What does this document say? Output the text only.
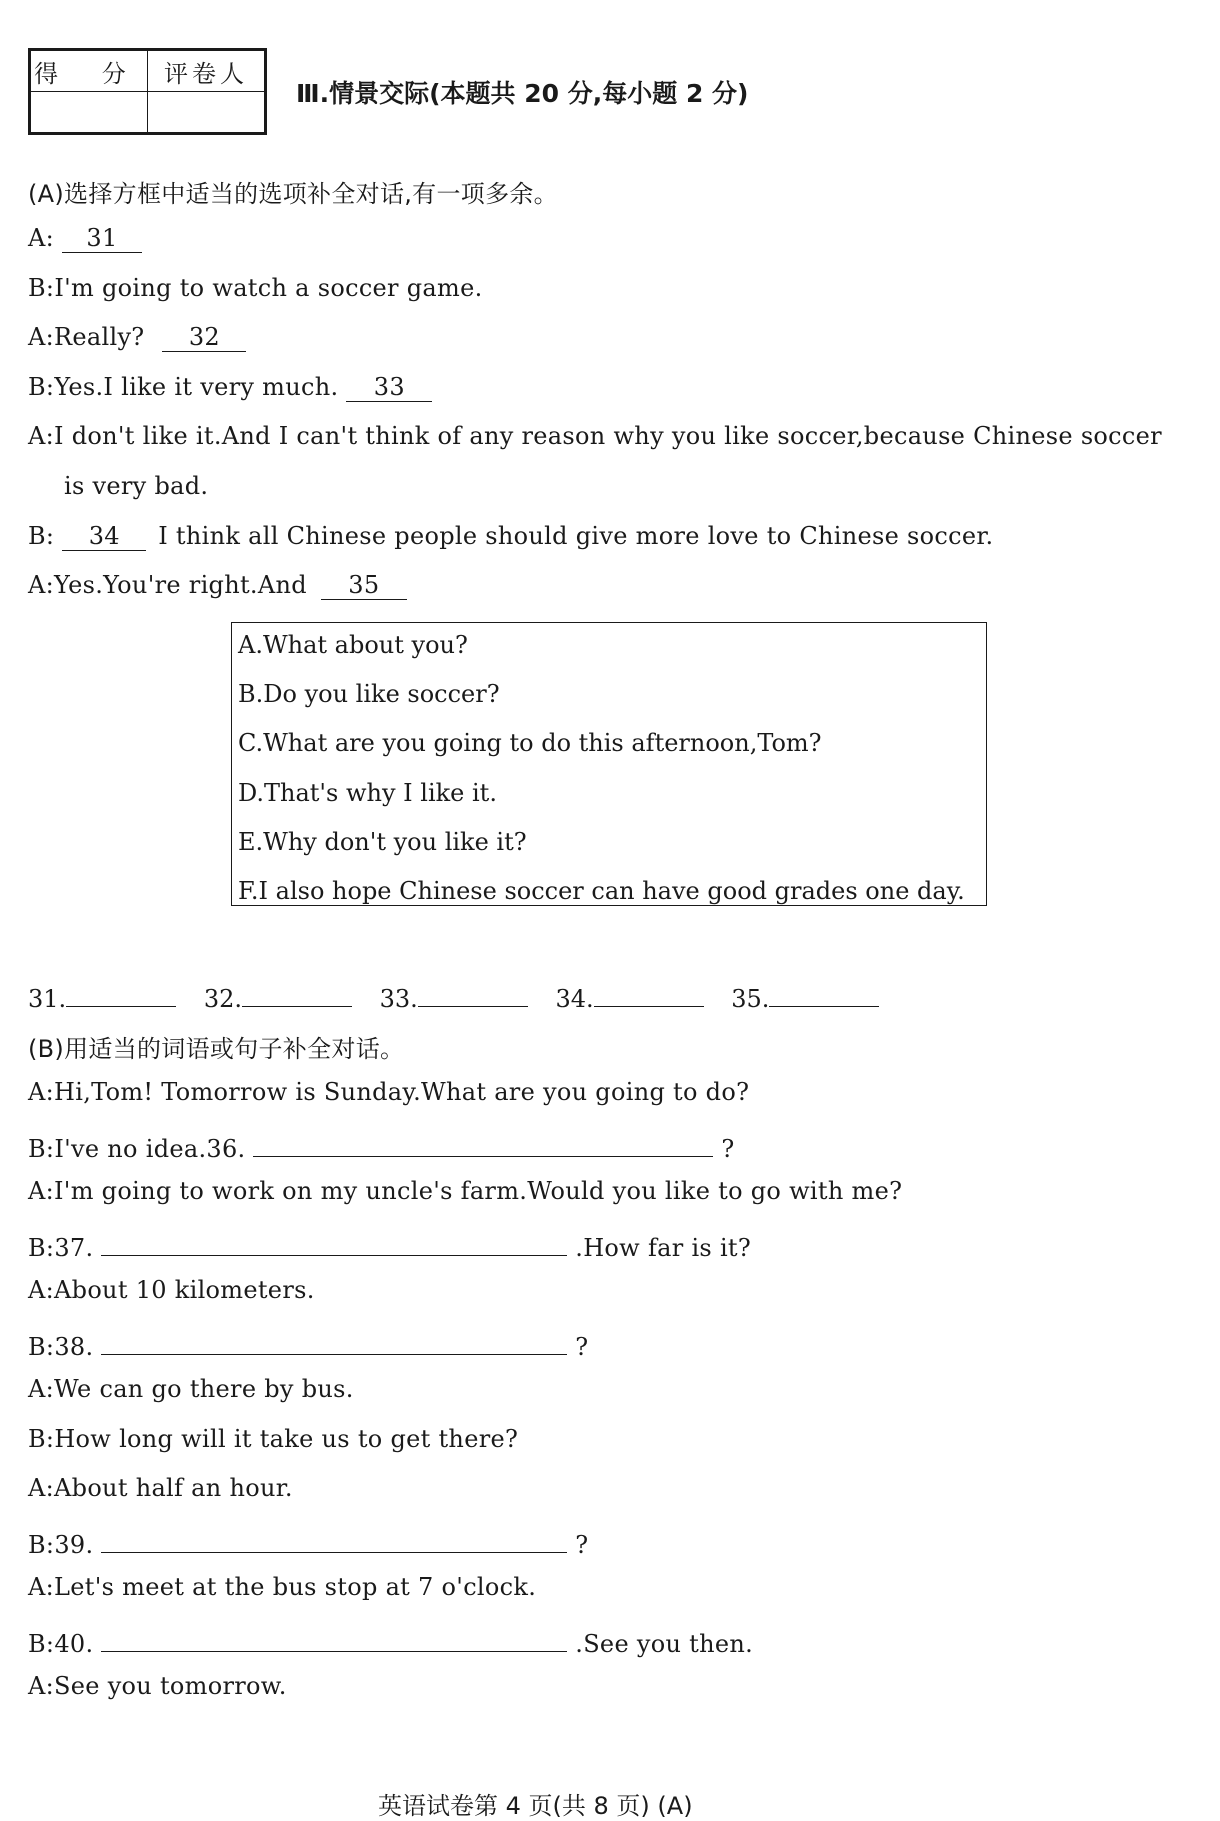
得 分	评卷人

Ⅲ.情景交际(本题共 20 分,每小题 2 分)
(A)选择方框中适当的选项补全对话,有一项多余。
A: 31
B:I'm going to watch a soccer game.
A:Really? 32
B:Yes.I like it very much. 33
A:I don't like it.And I can't think of any reason why you like soccer,because Chinese soccer
is very bad.
B: 34 I think all Chinese people should give more love to Chinese soccer.
A:Yes.You're right.And 35
A.What about you?
B.Do you like soccer?
C.What are you going to do this afternoon,Tom?
D.That's why I like it.
E.Why don't you like it?
F.I also hope Chinese soccer can have good grades one day.
31.	32.	33.	34.	35.
(B)用适当的词语或句子补全对话。
A:Hi,Tom! Tomorrow is Sunday.What are you going to do?
B:I've no idea.36.	?
A:I'm going to work on my uncle's farm.Would you like to go with me?
B:37.	.How far is it?
A:About 10 kilometers.
B:38.	?
A:We can go there by bus.
B:How long will it take us to get there?
A:About half an hour.
B:39.	?
A:Let's meet at the bus stop at 7 o'clock.
B:40.	.See you then.
A:See you tomorrow.
英语试卷第 4 页(共 8 页) (A)
